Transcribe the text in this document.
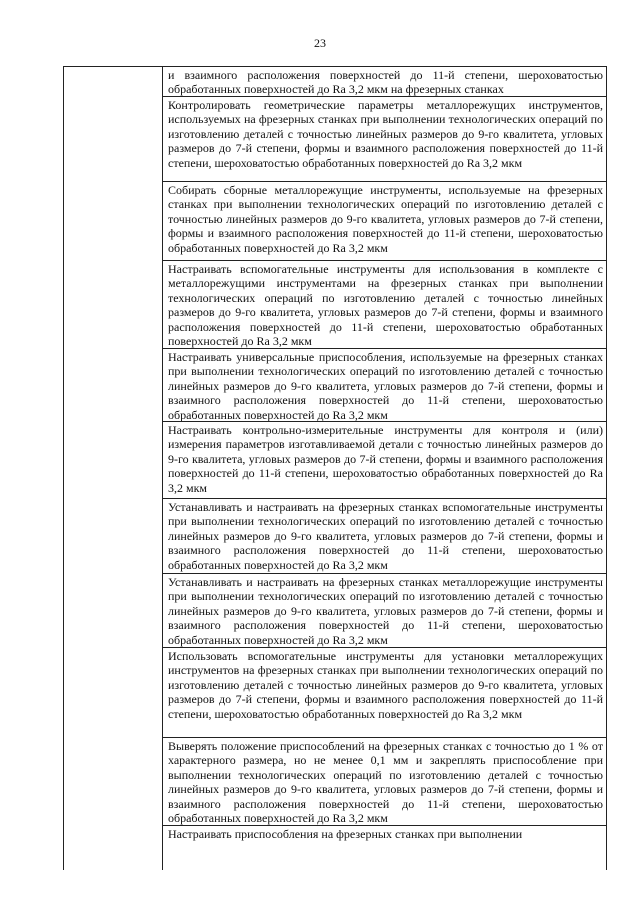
23
и взаимного расположения поверхностей до 11-й степени, шероховатостью обработанных поверхностей до Ra 3,2 мкм на фрезерных станках
Контролировать геометрические параметры металлорежущих инструментов, используемых на фрезерных станках при выполнении технологических операций по изготовлению деталей с точностью линейных размеров до 9-го квалитета, угловых размеров до 7-й степени, формы и взаимного расположения поверхностей до 11-й степени, шероховатостью обработанных поверхностей до Ra 3,2 мкм
Собирать сборные металлорежущие инструменты, используемые на фрезерных станках при выполнении технологических операций по изготовлению деталей с точностью линейных размеров до 9-го квалитета, угловых размеров до 7-й степени, формы и взаимного расположения поверхностей до 11-й степени, шероховатостью обработанных поверхностей до Ra 3,2 мкм
Настраивать вспомогательные инструменты для использования в комплекте с металлорежущими инструментами на фрезерных станках при выполнении технологических операций по изготовлению деталей с точностью линейных размеров до 9-го квалитета, угловых размеров до 7-й степени, формы и взаимного расположения поверхностей до 11-й степени, шероховатостью обработанных поверхностей до Ra 3,2 мкм
Настраивать универсальные приспособления, используемые на фрезерных станках при выполнении технологических операций по изготовлению деталей с точностью линейных размеров до 9-го квалитета, угловых размеров до 7-й степени, формы и взаимного расположения поверхностей до 11-й степени, шероховатостью обработанных поверхностей до Ra 3,2 мкм
Настраивать контрольно-измерительные инструменты для контроля и (или) измерения параметров изготавливаемой детали с точностью линейных размеров до 9-го квалитета, угловых размеров до 7-й степени, формы и взаимного расположения поверхностей до 11-й степени, шероховатостью обработанных поверхностей до Ra 3,2 мкм
Устанавливать и настраивать на фрезерных станках вспомогательные инструменты при выполнении технологических операций по изготовлению деталей с точностью линейных размеров до 9-го квалитета, угловых размеров до 7-й степени, формы и взаимного расположения поверхностей до 11-й степени, шероховатостью обработанных поверхностей до Ra 3,2 мкм
Устанавливать и настраивать на фрезерных станках металлорежущие инструменты при выполнении технологических операций по изготовлению деталей с точностью линейных размеров до 9-го квалитета, угловых размеров до 7-й степени, формы и взаимного расположения поверхностей до 11-й степени, шероховатостью обработанных поверхностей до Ra 3,2 мкм
Использовать вспомогательные инструменты для установки металлорежущих инструментов на фрезерных станках при выполнении технологических операций по изготовлению деталей с точностью линейных размеров до 9-го квалитета, угловых размеров до 7-й степени, формы и взаимного расположения поверхностей до 11-й степени, шероховатостью обработанных поверхностей до Ra 3,2 мкм
Выверять положение приспособлений на фрезерных станках с точностью до 1 % от характерного размера, но не менее 0,1 мм и закреплять приспособление при выполнении технологических операций по изготовлению деталей с точностью линейных размеров до 9-го квалитета, угловых размеров до 7-й степени, формы и взаимного расположения поверхностей до 11-й степени, шероховатостью обработанных поверхностей до Ra 3,2 мкм
Настраивать приспособления на фрезерных станках при выполнении
